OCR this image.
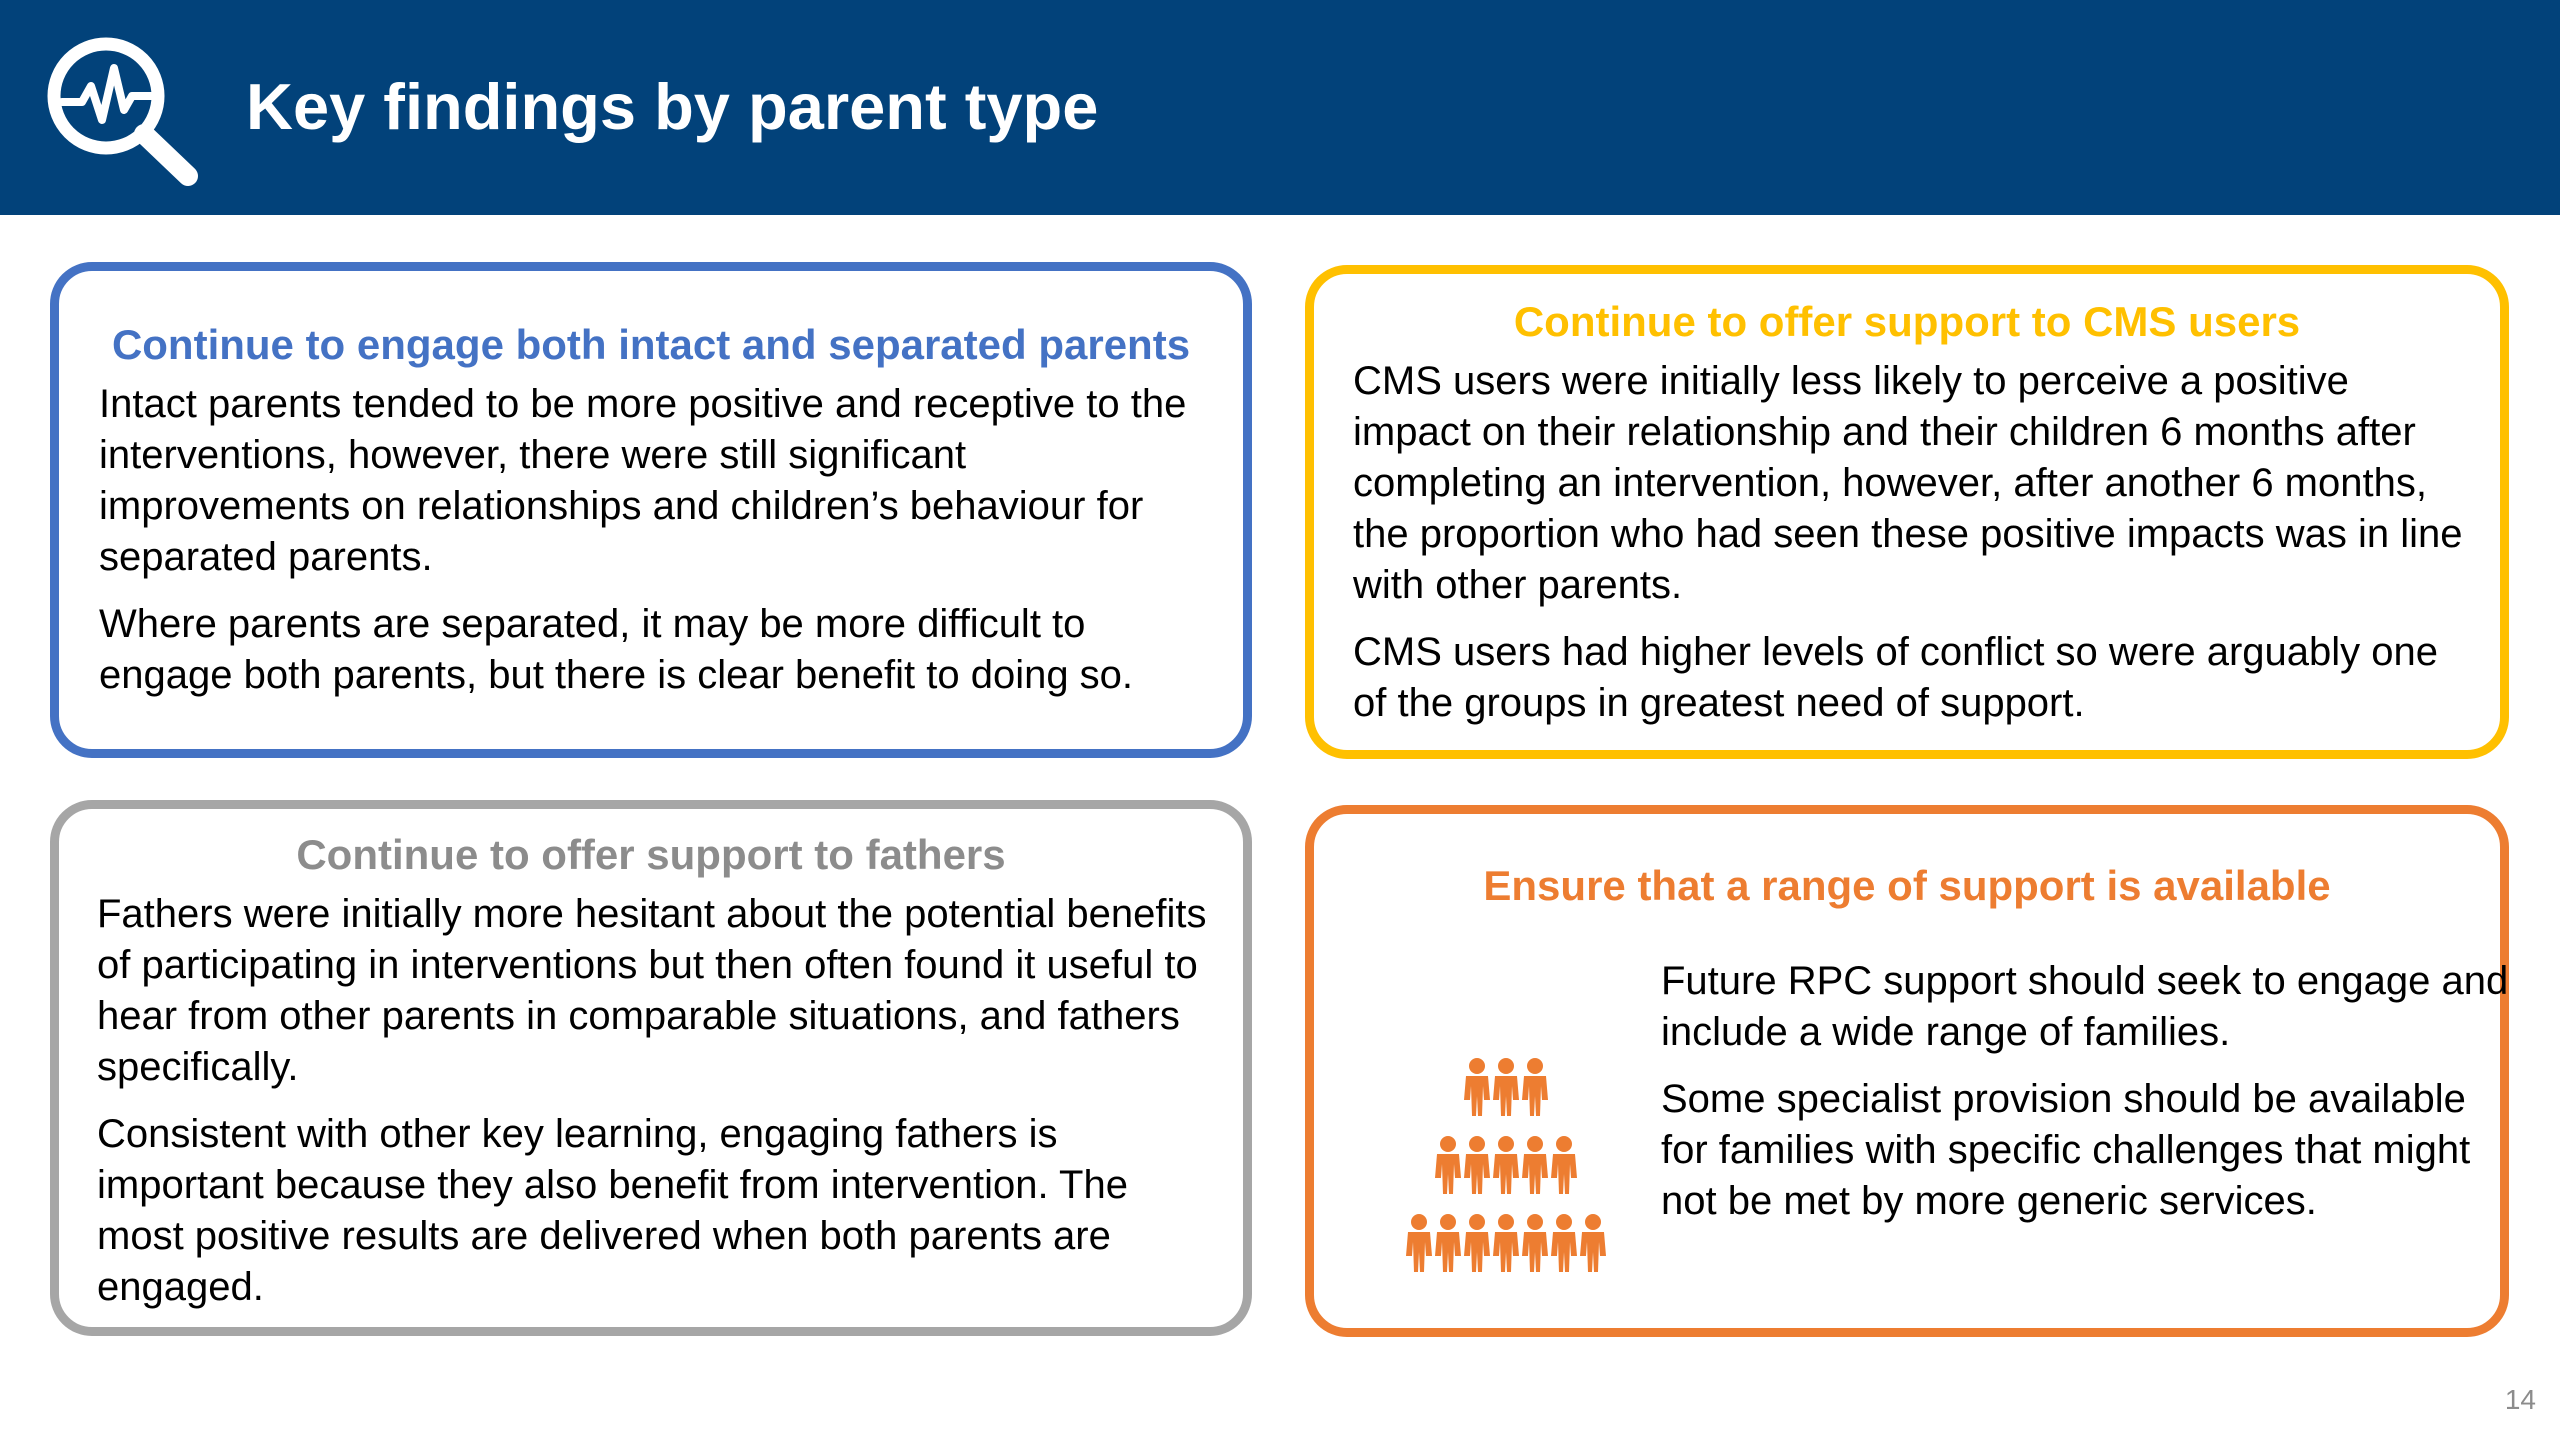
Key findings by parent type
Continue to engage both intact and separated parents

Intact parents tended to be more positive and receptive to the interventions, however, there were still significant improvements on relationships and children’s behaviour for separated parents.

Where parents are separated, it may be more difficult to engage both parents, but there is clear benefit to doing so.

Continue to offer support to CMS users

CMS users were initially less likely to perceive a positive impact on their relationship and their children 6 months after completing an intervention, however, after another 6 months, the proportion who had seen these positive impacts was in line with other parents.

CMS users had higher levels of conflict so were arguably one of the groups in greatest need of support.

Continue to offer support to fathers

Fathers were initially more hesitant about the potential benefits of participating in interventions but then often found it useful to hear from other parents in comparable situations, and fathers specifically.

Consistent with other key learning, engaging fathers is important because they also benefit from intervention. The most positive results are delivered when both parents are engaged.

Ensure that a range of support is available

Future RPC support should seek to engage and include a wide range of families.

Some specialist provision should be available for families with specific challenges that might not be met by more generic services.

14
